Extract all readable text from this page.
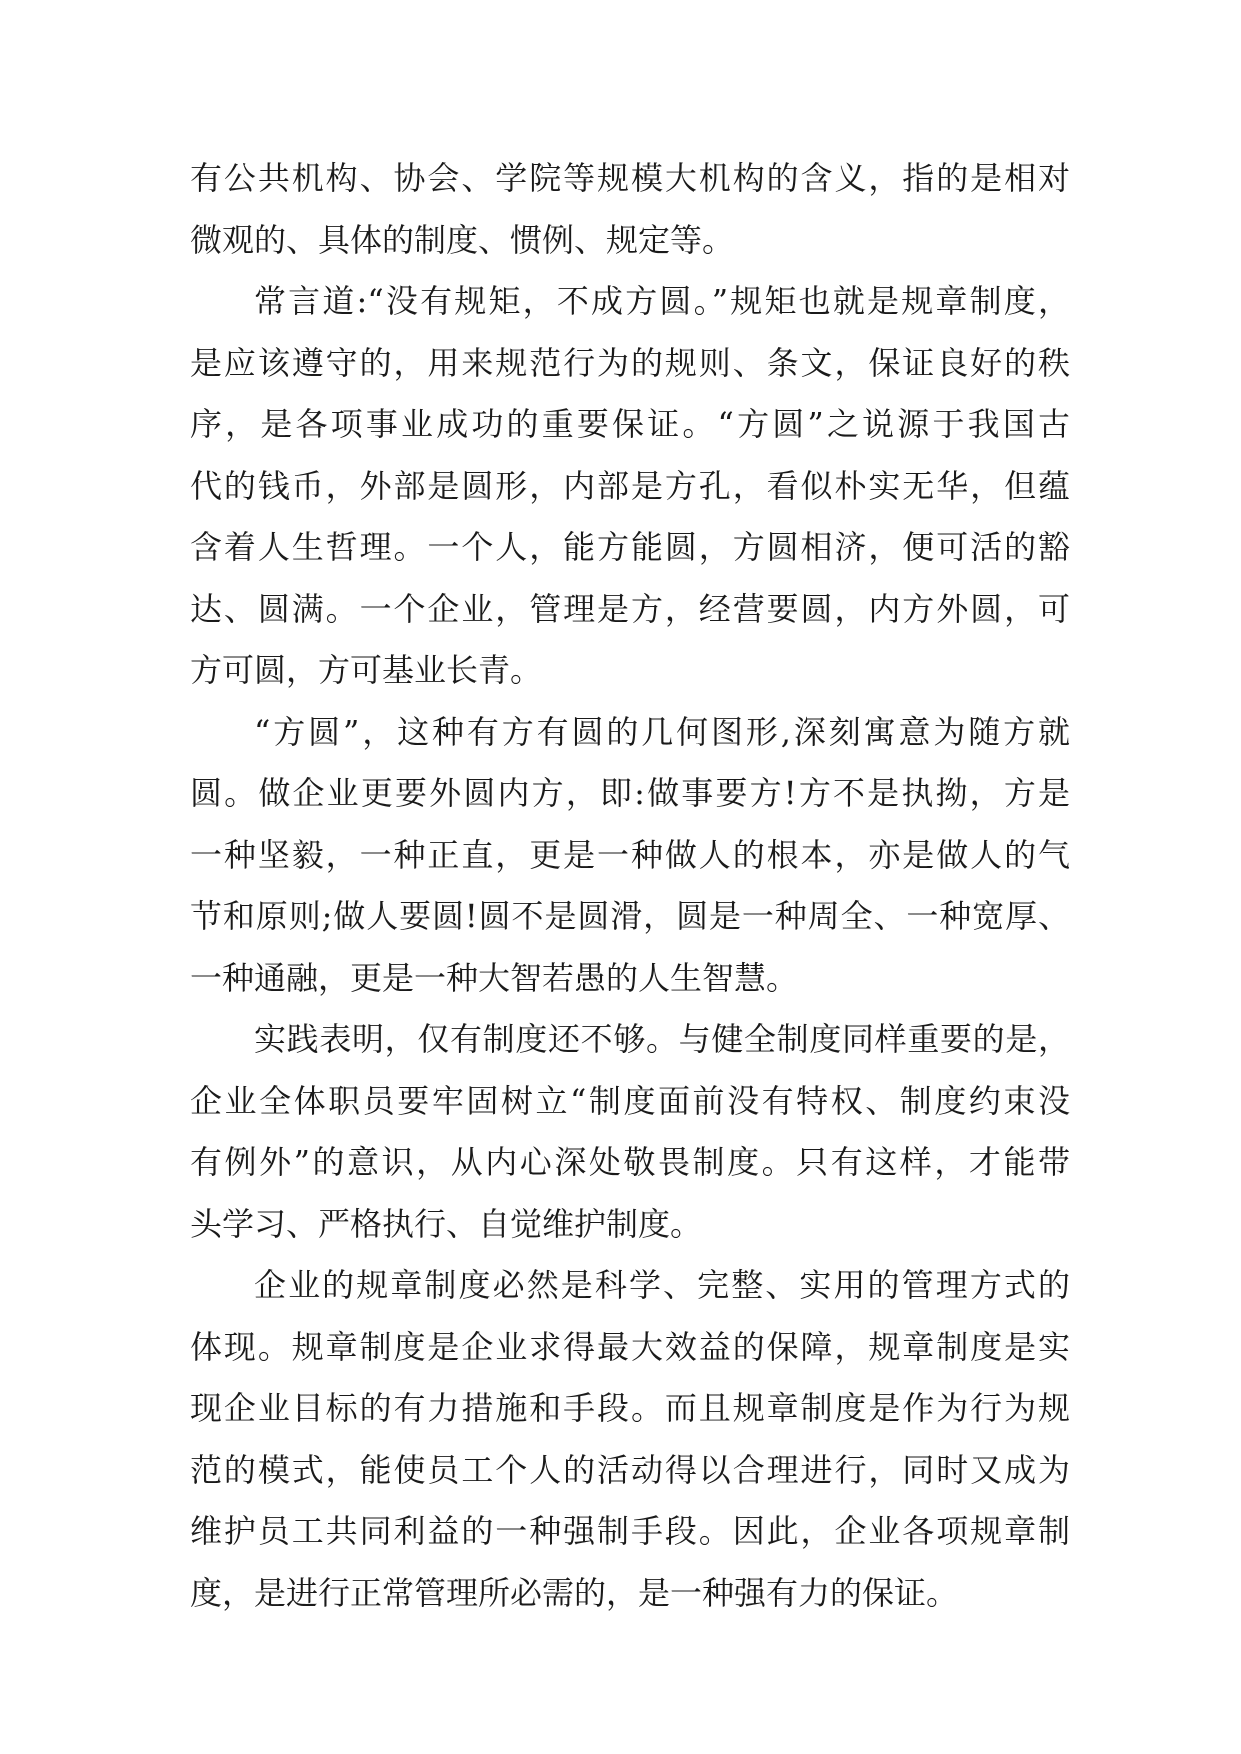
有公共机构、协会、学院等规模大机构的含义，指的是相对
微观的、具体的制度、惯例、规定等。
常言道:“没有规矩，不成方圆。”规矩也就是规章制度，
是应该遵守的，用来规范行为的规则、条文，保证良好的秩
序，是各项事业成功的重要保证。“方圆”之说源于我国古
代的钱币，外部是圆形，内部是方孔，看似朴实无华，但蕴
含着人生哲理。一个人，能方能圆，方圆相济，便可活的豁
达、圆满。一个企业，管理是方，经营要圆，内方外圆，可
方可圆，方可基业长青。
“方圆”，这种有方有圆的几何图形,深刻寓意为随方就
圆。做企业更要外圆内方，即:做事要方!方不是执拗，方是
一种坚毅，一种正直，更是一种做人的根本，亦是做人的气
节和原则;做人要圆!圆不是圆滑，圆是一种周全、一种宽厚、
一种通融，更是一种大智若愚的人生智慧。
实践表明，仅有制度还不够。与健全制度同样重要的是，
企业全体职员要牢固树立“制度面前没有特权、制度约束没
有例外”的意识，从内心深处敬畏制度。只有这样，才能带
头学习、严格执行、自觉维护制度。
企业的规章制度必然是科学、完整、实用的管理方式的
体现。规章制度是企业求得最大效益的保障，规章制度是实
现企业目标的有力措施和手段。而且规章制度是作为行为规
范的模式，能使员工个人的活动得以合理进行，同时又成为
维护员工共同利益的一种强制手段。因此，企业各项规章制
度，是进行正常管理所必需的，是一种强有力的保证。
